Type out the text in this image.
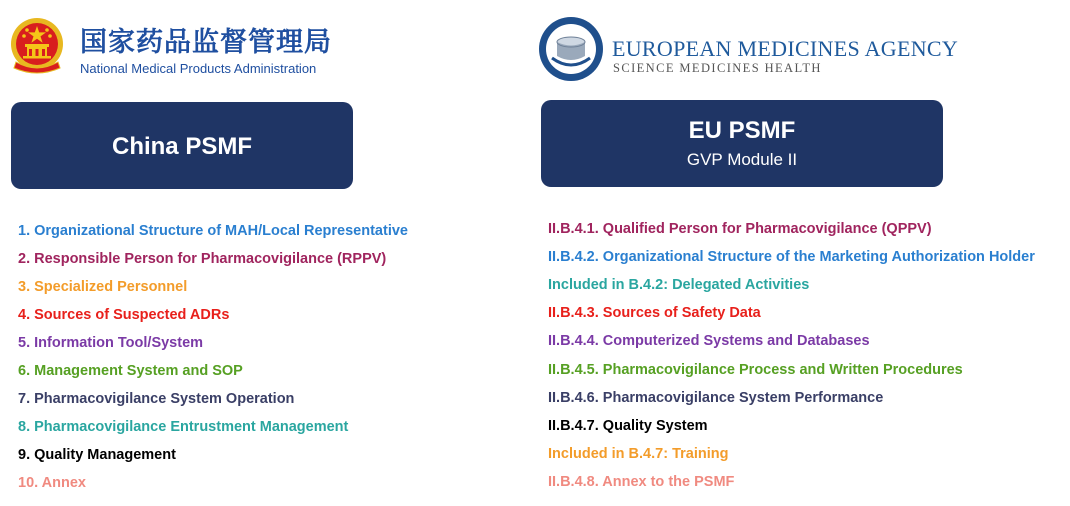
国家药品监督管理局
National Medical Products Administration
EUROPEAN MEDICINES AGENCY
SCIENCE MEDICINES HEALTH
China PSMF
EU PSMF
GVP Module II
1. Organizational Structure of MAH/Local Representative
2. Responsible Person for Pharmacovigilance (RPPV)
3. Specialized Personnel
4. Sources of Suspected ADRs
5. Information Tool/System
6. Management System and SOP
7. Pharmacovigilance System Operation
8. Pharmacovigilance Entrustment Management
9. Quality Management
10. Annex
II.B.4.1. Qualified Person for Pharmacovigilance (QPPV)
II.B.4.2. Organizational Structure of the Marketing Authorization Holder
Included in B.4.2: Delegated Activities
II.B.4.3. Sources of Safety Data
II.B.4.4. Computerized Systems and Databases
II.B.4.5. Pharmacovigilance Process and Written Procedures
II.B.4.6. Pharmacovigilance System Performance
II.B.4.7. Quality System
Included in B.4.7: Training
II.B.4.8. Annex to the PSMF
